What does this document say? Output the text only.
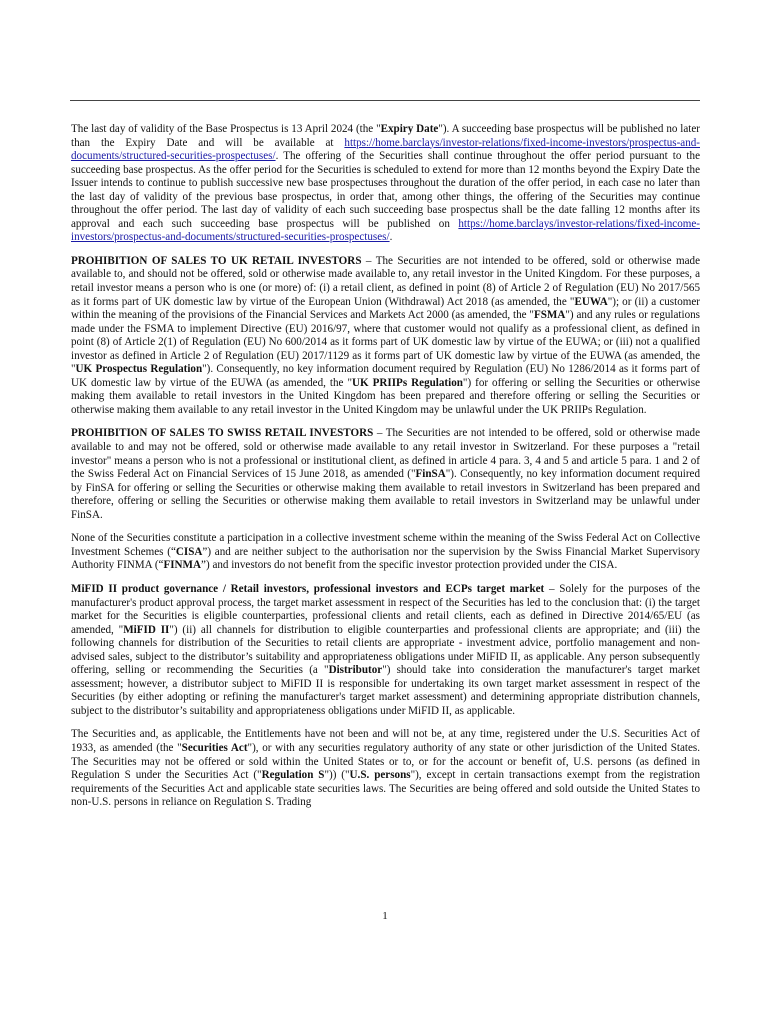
The last day of validity of the Base Prospectus is 13 April 2024 (the "Expiry Date"). A succeeding base prospectus will be published no later than the Expiry Date and will be available at https://home.barclays/investor-relations/fixed-income-investors/prospectus-and-documents/structured-securities-prospectuses/. The offering of the Securities shall continue throughout the offer period pursuant to the succeeding base prospectus. As the offer period for the Securities is scheduled to extend for more than 12 months beyond the Expiry Date the Issuer intends to continue to publish successive new base prospectuses throughout the duration of the offer period, in each case no later than the last day of validity of the previous base prospectus, in order that, among other things, the offering of the Securities may continue throughout the offer period. The last day of validity of each such succeeding base prospectus shall be the date falling 12 months after its approval and each such succeeding base prospectus will be published on https://home.barclays/investor-relations/fixed-income-investors/prospectus-and-documents/structured-securities-prospectuses/.

PROHIBITION OF SALES TO UK RETAIL INVESTORS – The Securities are not intended to be offered, sold or otherwise made available to, and should not be offered, sold or otherwise made available to, any retail investor in the United Kingdom. For these purposes, a retail investor means a person who is one (or more) of: (i) a retail client, as defined in point (8) of Article 2 of Regulation (EU) No 2017/565 as it forms part of UK domestic law by virtue of the European Union (Withdrawal) Act 2018 (as amended, the "EUWA"); or (ii) a customer within the meaning of the provisions of the Financial Services and Markets Act 2000 (as amended, the "FSMA") and any rules or regulations made under the FSMA to implement Directive (EU) 2016/97, where that customer would not qualify as a professional client, as defined in point (8) of Article 2(1) of Regulation (EU) No 600/2014 as it forms part of UK domestic law by virtue of the EUWA; or (iii) not a qualified investor as defined in Article 2 of Regulation (EU) 2017/1129 as it forms part of UK domestic law by virtue of the EUWA (as amended, the "UK Prospectus Regulation"). Consequently, no key information document required by Regulation (EU) No 1286/2014 as it forms part of UK domestic law by virtue of the EUWA (as amended, the "UK PRIIPs Regulation") for offering or selling the Securities or otherwise making them available to retail investors in the United Kingdom has been prepared and therefore offering or selling the Securities or otherwise making them available to any retail investor in the United Kingdom may be unlawful under the UK PRIIPs Regulation.

PROHIBITION OF SALES TO SWISS RETAIL INVESTORS – The Securities are not intended to be offered, sold or otherwise made available to and may not be offered, sold or otherwise made available to any retail investor in Switzerland. For these purposes a "retail investor" means a person who is not a professional or institutional client, as defined in article 4 para. 3, 4 and 5 and article 5 para. 1 and 2 of the Swiss Federal Act on Financial Services of 15 June 2018, as amended ("FinSA"). Consequently, no key information document required by FinSA for offering or selling the Securities or otherwise making them available to retail investors in Switzerland has been prepared and therefore, offering or selling the Securities or otherwise making them available to retail investors in Switzerland may be unlawful under FinSA.

None of the Securities constitute a participation in a collective investment scheme within the meaning of the Swiss Federal Act on Collective Investment Schemes (“CISA”) and are neither subject to the authorisation nor the supervision by the Swiss Financial Market Supervisory Authority FINMA (“FINMA”) and investors do not benefit from the specific investor protection provided under the CISA.

MiFID II product governance / Retail investors, professional investors and ECPs target market – Solely for the purposes of the manufacturer's product approval process, the target market assessment in respect of the Securities has led to the conclusion that: (i) the target market for the Securities is eligible counterparties, professional clients and retail clients, each as defined in Directive 2014/65/EU (as amended, "MiFID II") (ii) all channels for distribution to eligible counterparties and professional clients are appropriate; and (iii) the following channels for distribution of the Securities to retail clients are appropriate - investment advice, portfolio management and non-advised sales, subject to the distributor’s suitability and appropriateness obligations under MiFID II, as applicable. Any person subsequently offering, selling or recommending the Securities (a "Distributor") should take into consideration the manufacturer's target market assessment; however, a distributor subject to MiFID II is responsible for undertaking its own target market assessment in respect of the Securities (by either adopting or refining the manufacturer's target market assessment) and determining appropriate distribution channels, subject to the distributor’s suitability and appropriateness obligations under MiFID II, as applicable.

The Securities and, as applicable, the Entitlements have not been and will not be, at any time, registered under the U.S. Securities Act of 1933, as amended (the "Securities Act"), or with any securities regulatory authority of any state or other jurisdiction of the United States. The Securities may not be offered or sold within the United States or to, or for the account or benefit of, U.S. persons (as defined in Regulation S under the Securities Act ("Regulation S")) ("U.S. persons"), except in certain transactions exempt from the registration requirements of the Securities Act and applicable state securities laws. The Securities are being offered and sold outside the United States to non-U.S. persons in reliance on Regulation S. Trading

1
